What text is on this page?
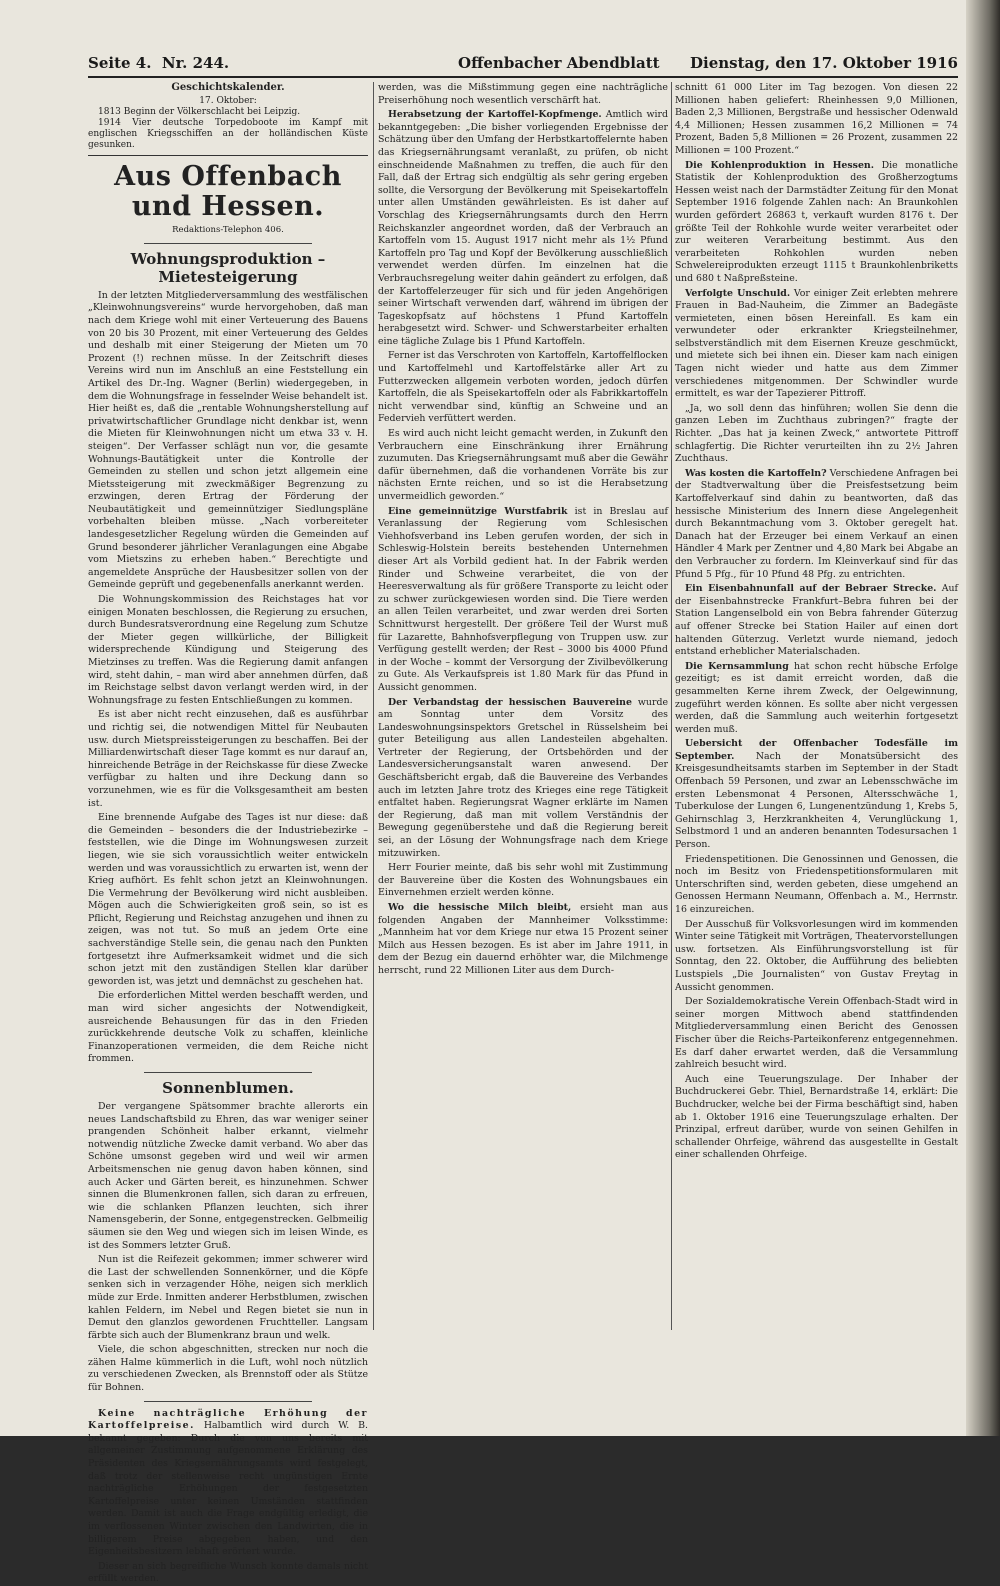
Seite 4. Nr. 244.	Offenbacher Abendblatt Dienstag, den 17. Oktober 1916
Geschichtskalender.
17. Oktober:

1813 Beginn der Völkerschlacht bei Leipzig.

1914 Vier deutsche Torpedoboote im Kampf mit englischen Kriegsschiffen an der holländischen Küste gesunken.

Aus Offenbach und Hessen.
Redaktions-Telephon 406.
Wohnungsproduktion – Mietesteigerung

In der letzten Mitgliederversammlung des westfälischen „Kleinwohnungsvereins“ wurde hervorgehoben, daß man nach dem Kriege wohl mit einer Verteuerung des Bauens von 20 bis 30 Prozent, mit einer Verteuerung des Geldes und deshalb mit einer Steigerung der Mieten um 70 Prozent (!) rechnen müsse. In der Zeitschrift dieses Vereins wird nun im Anschluß an eine Feststellung ein Artikel des Dr.-Ing. Wagner (Berlin) wiedergegeben, in dem die Wohnungsfrage in fesselnder Weise behandelt ist. Hier heißt es, daß die „rentable Wohnungsherstellung auf privatwirtschaftlicher Grundlage nicht denkbar ist, wenn die Mieten für Kleinwohnungen nicht um etwa 33 v. H. steigen“. Der Verfasser schlägt nun vor, die gesamte Wohnungs-Bautätigkeit unter die Kontrolle der Gemeinden zu stellen und schon jetzt allgemein eine Mietssteigerung mit zweckmäßiger Begrenzung zu erzwingen, deren Ertrag der Förderung der Neubautätigkeit und gemeinnütziger Siedlungspläne vorbehalten bleiben müsse. „Nach vorbereiteter landesgesetzlicher Regelung würden die Gemeinden auf Grund besonderer jährlicher Veranlagungen eine Abgabe vom Mietszins zu erheben haben.“ Berechtigte und angemeldete Ansprüche der Hausbesitzer sollen von der Gemeinde geprüft und gegebenenfalls anerkannt werden.

Die Wohnungskommission des Reichstages hat vor einigen Monaten beschlossen, die Regierung zu ersuchen, durch Bundesratsverordnung eine Regelung zum Schutze der Mieter gegen willkürliche, der Billigkeit widersprechende Kündigung und Steigerung des Mietzinses zu treffen. Was die Regierung damit anfangen wird, steht dahin, – man wird aber annehmen dürfen, daß im Reichstage selbst davon verlangt werden wird, in der Wohnungsfrage zu festen Entschließungen zu kommen.

Es ist aber nicht recht einzusehen, daß es ausführbar und richtig sei, die notwendigen Mittel für Neubauten usw. durch Mietspreissteigerungen zu beschaffen. Bei der Milliardenwirtschaft dieser Tage kommt es nur darauf an, hinreichende Beträge in der Reichskasse für diese Zwecke verfügbar zu halten und ihre Deckung dann so vorzunehmen, wie es für die Volksgesamtheit am besten ist.

Eine brennende Aufgabe des Tages ist nur diese: daß die Gemeinden – besonders die der Industriebezirke – feststellen, wie die Dinge im Wohnungswesen zurzeit liegen, wie sie sich voraussichtlich weiter entwickeln werden und was voraussichtlich zu erwarten ist, wenn der Krieg aufhört. Es fehlt schon jetzt an Kleinwohnungen. Die Vermehrung der Bevölkerung wird nicht ausbleiben. Mögen auch die Schwierigkeiten groß sein, so ist es Pflicht, Regierung und Reichstag anzugehen und ihnen zu zeigen, was not tut. So muß an jedem Orte eine sachverständige Stelle sein, die genau nach den Punkten fortgesetzt ihre Aufmerksamkeit widmet und die sich schon jetzt mit den zuständigen Stellen klar darüber geworden ist, was jetzt und demnächst zu geschehen hat.

Die erforderlichen Mittel werden beschafft werden, und man wird sicher angesichts der Notwendigkeit, ausreichende Behausungen für das in den Frieden zurückkehrende deutsche Volk zu schaffen, kleinliche Finanzoperationen vermeiden, die dem Reiche nicht frommen.

Sonnenblumen.

Der vergangene Spätsommer brachte allerorts ein neues Landschaftsbild zu Ehren, das war weniger seiner prangenden Schönheit halber erkannt, vielmehr notwendig nützliche Zwecke damit verband. Wo aber das Schöne umsonst gegeben wird und weil wir armen Arbeitsmenschen nie genug davon haben können, sind auch Acker und Gärten bereit, es hinzunehmen. Schwer sinnen die Blumenkronen fallen, sich daran zu erfreuen, wie die schlanken Pflanzen leuchten, sich ihrer Namensgeberin, der Sonne, entgegenstrecken. Gelbmeilig säumen sie den Weg und wiegen sich im leisen Winde, es ist des Sommers letzter Gruß.

Nun ist die Reifezeit gekommen; immer schwerer wird die Last der schwellenden Sonnenkörner, und die Köpfe senken sich in verzagender Höhe, neigen sich merklich müde zur Erde. Inmitten anderer Herbstblumen, zwischen kahlen Feldern, im Nebel und Regen bietet sie nun in Demut den glanzlos gewordenen Fruchtteller. Langsam färbte sich auch der Blumenkranz braun und welk.

Viele, die schon abgeschnitten, strecken nur noch die zähen Halme kümmerlich in die Luft, wohl noch nützlich zu verschiedenen Zwecken, als Brennstoff oder als Stütze für Bohnen.

Keine nachträgliche Erhöhung der Kartoffelpreise. Halbamtlich wird durch W. B. bekannt gegeben: Durch die von uns bereits mit allgemeiner Zustimmung aufgenommene Erklärung des Präsidenten des Kriegsernährungsamts wird festgelegt, daß trotz der stellenweise recht ungünstigen Ernte nachträgliche Erhöhungen der festgesetzten Kartoffelpreise unter keinen Umständen stattfinden werden. Damit ist auch die Frage endgültig erledigt, die im verflossenen Winter zwischen den Landwirten, die in billigerem Preise abgegeben haben, und den Eigenheitsbesitzern lebhaft erörtert wurde.

Dieser an sich begreifliche Wunsch konnte damals nicht erfüllt werden.

werden, was die Mißstimmung gegen eine nachträgliche Preiserhöhung noch wesentlich verschärft hat.

Herabsetzung der Kartoffel-Kopfmenge. Amtlich wird bekanntgegeben: „Die bisher vorliegenden Ergebnisse der Schätzung über den Umfang der Herbstkartoffelernte haben das Kriegsernährungsamt veranlaßt, zu prüfen, ob nicht einschneidende Maßnahmen zu treffen, die auch für den Fall, daß der Ertrag sich endgültig als sehr gering ergeben sollte, die Versorgung der Bevölkerung mit Speisekartoffeln unter allen Umständen gewährleisten. Es ist daher auf Vorschlag des Kriegsernährungsamts durch den Herrn Reichskanzler angeordnet worden, daß der Verbrauch an Kartoffeln vom 15. August 1917 nicht mehr als 1½ Pfund Kartoffeln pro Tag und Kopf der Bevölkerung ausschließlich verwendet werden dürfen. Im einzelnen hat die Verbrauchsregelung weiter dahin geändert zu erfolgen, daß der Kartoffelerzeuger für sich und für jeden Angehörigen seiner Wirtschaft verwenden darf, während im übrigen der Tageskopfsatz auf höchstens 1 Pfund Kartoffeln herabgesetzt wird. Schwer- und Schwerstarbeiter erhalten eine tägliche Zulage bis 1 Pfund Kartoffeln.

Ferner ist das Verschroten von Kartoffeln, Kartoffelflocken und Kartoffelmehl und Kartoffelstärke aller Art zu Futterzwecken allgemein verboten worden, jedoch dürfen Kartoffeln, die als Speisekartoffeln oder als Fabrikkartoffeln nicht verwendbar sind, künftig an Schweine und an Federvieh verfüttert werden.

Es wird auch nicht leicht gemacht werden, in Zukunft den Verbrauchern eine Einschränkung ihrer Ernährung zuzumuten. Das Kriegsernährungsamt muß aber die Gewähr dafür übernehmen, daß die vorhandenen Vorräte bis zur nächsten Ernte reichen, und so ist die Herabsetzung unvermeidlich geworden.“

Eine gemeinnützige Wurstfabrik ist in Breslau auf Veranlassung der Regierung vom Schlesischen Viehhofsverband ins Leben gerufen worden, der sich in Schleswig-Holstein bereits bestehenden Unternehmen dieser Art als Vorbild gedient hat. In der Fabrik werden Rinder und Schweine verarbeitet, die von der Heeresverwaltung als für größere Transporte zu leicht oder zu schwer zurückgewiesen worden sind. Die Tiere werden an allen Teilen verarbeitet, und zwar werden drei Sorten Schnittwurst hergestellt. Der größere Teil der Wurst muß für Lazarette, Bahnhofsverpflegung von Truppen usw. zur Verfügung gestellt werden; der Rest – 3000 bis 4000 Pfund in der Woche – kommt der Versorgung der Zivilbevölkerung zu Gute. Als Verkaufspreis ist 1.80 Mark für das Pfund in Aussicht genommen.

Der Verbandstag der hessischen Bauvereine wurde am Sonntag unter dem Vorsitz des Landeswohnungsinspektors Gretschel in Rüsselsheim bei guter Beteiligung aus allen Landesteilen abgehalten. Vertreter der Regierung, der Ortsbehörden und der Landesversicherungsanstalt waren anwesend. Der Geschäftsbericht ergab, daß die Bauvereine des Verbandes auch im letzten Jahre trotz des Krieges eine rege Tätigkeit entfaltet haben. Regierungsrat Wagner erklärte im Namen der Regierung, daß man mit vollem Verständnis der Bewegung gegenüberstehe und daß die Regierung bereit sei, an der Lösung der Wohnungsfrage nach dem Kriege mitzuwirken.

Herr Fourier meinte, daß bis sehr wohl mit Zustimmung der Bauvereine über die Kosten des Wohnungsbaues ein Einvernehmen erzielt werden könne.

Wo die hessische Milch bleibt, ersieht man aus folgenden Angaben der Mannheimer Volksstimme: „Mannheim hat vor dem Kriege nur etwa 15 Prozent seiner Milch aus Hessen bezogen. Es ist aber im Jahre 1911, in dem der Bezug ein dauernd erhöhter war, die Milchmenge herrscht, rund 22 Millionen Liter aus dem Durch-

schnitt 61 000 Liter im Tag bezogen. Von diesen 22 Millionen haben geliefert: Rheinhessen 9,0 Millionen, Baden 2,3 Millionen, Bergstraße und hessischer Odenwald 4,4 Millionen; Hessen zusammen 16,2 Millionen = 74 Prozent, Baden 5,8 Millionen = 26 Prozent, zusammen 22 Millionen = 100 Prozent.“

Die Kohlenproduktion in Hessen. Die monatliche Statistik der Kohlenproduktion des Großherzogtums Hessen weist nach der Darmstädter Zeitung für den Monat September 1916 folgende Zahlen nach: An Braunkohlen wurden gefördert 26863 t, verkauft wurden 8176 t. Der größte Teil der Rohkohle wurde weiter verarbeitet oder zur weiteren Verarbeitung bestimmt. Aus den verarbeiteten Rohkohlen wurden neben Schwelereiprodukten erzeugt 1115 t Braunkohlenbriketts und 680 t Naßpreßsteine.

Verfolgte Unschuld. Vor einiger Zeit erlebten mehrere Frauen in Bad-Nauheim, die Zimmer an Badegäste vermieteten, einen bösen Hereinfall. Es kam ein verwundeter oder erkrankter Kriegsteilnehmer, selbstverständlich mit dem Eisernen Kreuze geschmückt, und mietete sich bei ihnen ein. Dieser kam nach einigen Tagen nicht wieder und hatte aus dem Zimmer verschiedenes mitgenommen. Der Schwindler wurde ermittelt, es war der Tapezierer Pittroff.

„Ja, wo soll denn das hinführen; wollen Sie denn die ganzen Leben im Zuchthaus zubringen?“ fragte der Richter. „Das hat ja keinen Zweck,“ antwortete Pittroff schlagfertig. Die Richter verurteilten ihn zu 2½ Jahren Zuchthaus.

Was kosten die Kartoffeln? Verschiedene Anfragen bei der Stadtverwaltung über die Preisfestsetzung beim Kartoffelverkauf sind dahin zu beantworten, daß das hessische Ministerium des Innern diese Angelegenheit durch Bekanntmachung vom 3. Oktober geregelt hat. Danach hat der Erzeuger bei einem Verkauf an einen Händler 4 Mark per Zentner und 4,80 Mark bei Abgabe an den Verbraucher zu fordern. Im Kleinverkauf sind für das Pfund 5 Pfg., für 10 Pfund 48 Pfg. zu entrichten.

Ein Eisenbahnunfall auf der Bebraer Strecke. Auf der Eisenbahnstrecke Frankfurt–Bebra fuhren bei der Station Langenselbold ein von Bebra fahrender Güterzug auf offener Strecke bei Station Hailer auf einen dort haltenden Güterzug. Verletzt wurde niemand, jedoch entstand erheblicher Materialschaden.

Die Kernsammlung hat schon recht hübsche Erfolge gezeitigt; es ist damit erreicht worden, daß die gesammelten Kerne ihrem Zweck, der Oelgewinnung, zugeführt werden können. Es sollte aber nicht vergessen werden, daß die Sammlung auch weiterhin fortgesetzt werden muß.

Uebersicht der Offenbacher Todesfälle im September. Nach der Monatsübersicht des Kreisgesundheitsamts starben im September in der Stadt Offenbach 59 Personen, und zwar an Lebensschwäche im ersten Lebensmonat 4 Personen, Altersschwäche 1, Tuberkulose der Lungen 6, Lungenentzündung 1, Krebs 5, Gehirnschlag 3, Herzkrankheiten 4, Verunglückung 1, Selbstmord 1 und an anderen benannten Todesursachen 1 Person.

Friedenspetitionen. Die Genossinnen und Genossen, die noch im Besitz von Friedenspetitionsformularen mit Unterschriften sind, werden gebeten, diese umgehend an Genossen Hermann Neumann, Offenbach a. M., Herrnstr. 16 einzureichen.

Der Ausschuß für Volksvorlesungen wird im kommenden Winter seine Tätigkeit mit Vorträgen, Theatervorstellungen usw. fortsetzen. Als Einführungsvorstellung ist für Sonntag, den 22. Oktober, die Aufführung des beliebten Lustspiels „Die Journalisten“ von Gustav Freytag in Aussicht genommen.

Der Sozialdemokratische Verein Offenbach-Stadt wird in seiner morgen Mittwoch abend stattfindenden Mitgliederversammlung einen Bericht des Genossen Fischer über die Reichs-Parteikonferenz entgegennehmen. Es darf daher erwartet werden, daß die Versammlung zahlreich besucht wird.

Auch eine Teuerungszulage. Der Inhaber der Buchdruckerei Gebr. Thiel, Bernardstraße 14, erklärt: Die Buchdrucker, welche bei der Firma beschäftigt sind, haben ab 1. Oktober 1916 eine Teuerungszulage erhalten. Der Prinzipal, erfreut darüber, wurde von seinen Gehilfen in schallender Ohrfeige, während das ausgestellte in Gestalt einer schallenden Ohrfeige.
